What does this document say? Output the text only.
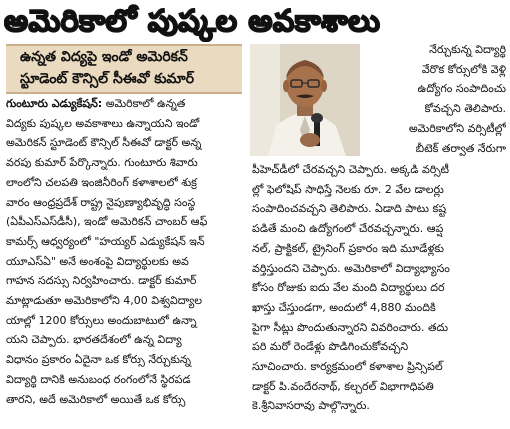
అమెరికాలో పుష్కల అవకాశాలు
ఉన్నత విద్యపై ఇండో అమెరికన్
స్టూడెంట్ కౌన్సిల్ సీఈవో కుమార్
నేర్చుకున్న విద్యార్థి
వేరొక కోర్సులోకి వెళ్లి
ఉద్యోగం సంపాదించు
కోవచ్చని తెలిపారు.
అమెరికాలోని వర్సిటీల్లో
బీటెక్ తర్వాత నేరుగా
గుంటూరు ఎడ్యుకేషన్: అమెరికాలో ఉన్నత
విద్యకు పుష్కల అవకాశాలు ఉన్నాయని ఇండో
అమెరికన్ స్టూడెంట్ కౌన్సిల్ సీఈవో డాక్టర్ అన్న
వరపు కుమార్ పేర్కొన్నారు. గుంటూరు శివారు
లాంలోని చలపతి ఇంజినీరింగ్ కళాశాలలో శుక్ర
వారం ఆంధ్రప్రదేశ్ రాష్ట్ర నైపుణ్యాభివృద్ధి సంస్థ
(ఏపీఎస్‌ఎస్‌డీసీ), ఇండో అమెరికన్ చాంబర్ ఆఫ్
కామర్స్ ఆధ్వర్యంలో "హయ్యర్ ఎడ్యుకేషన్ ఇన్
యూఎస్‌ఏ" అనే అంశంపై విద్యార్థులకు అవ
గాహన సదస్సు నిర్వహించారు. డాక్టర్ కుమార్
మాట్లాడుతూ అమెరికాలోని 4,00 విశ్వవిద్యాల
యాల్లో 1200 కోర్సులు అందుబాటులో ఉన్నా
యని చెప్పారు. భారతదేశంలో ఉన్న విద్యా
విధానం ప్రకారం ఏదైనా ఒక కోర్సు నేర్చుకున్న
విద్యార్థి దానికి అనుబంధ రంగంలోనే స్థిరపడ
తారని, అదే అమెరికాలో అయితే ఒక కోర్సు
పీహెచ్‌డీలో చేరవచ్చని చెప్పారు. అక్కడి వర్సిటీ
ల్లో ఫెలోషిప్ సాధిస్తే నెలకు రూ. 2 వేల డాలర్లు
సంపాదించవచ్చని తెలిపారు. ఏడాది పాటు కష్ట
పడితే మంచి ఉద్యోగంలో చేరవచ్చన్నారు. ఆప్ష
నల్, ప్రాక్టికల్, ట్రైనింగ్ ప్రకారం ఇది మూడేళ్లకు
వర్తిస్తుందని చెప్పారు. అమెరికాలో విద్యాభ్యాసం
కోసం రోజుకు ఐదు వేల మంది విద్యార్థులు దర
ఖాస్తు చేస్తుండగా, అందులో 4,880 మందికి
పైగా సీట్లు పొందుతున్నారని వివరించారు. తదు
పరి మరో రెండేళ్లు పొడిగించుకోవచ్చని
సూచించారు. కార్యక్రమంలో కళాశాల ప్రిన్సిపల్
డాక్టర్ పి.వందేరనాథ్, కల్చరల్ విభాగాధిపతి
కె.శ్రీనివాసరావు పాల్గొన్నారు.
